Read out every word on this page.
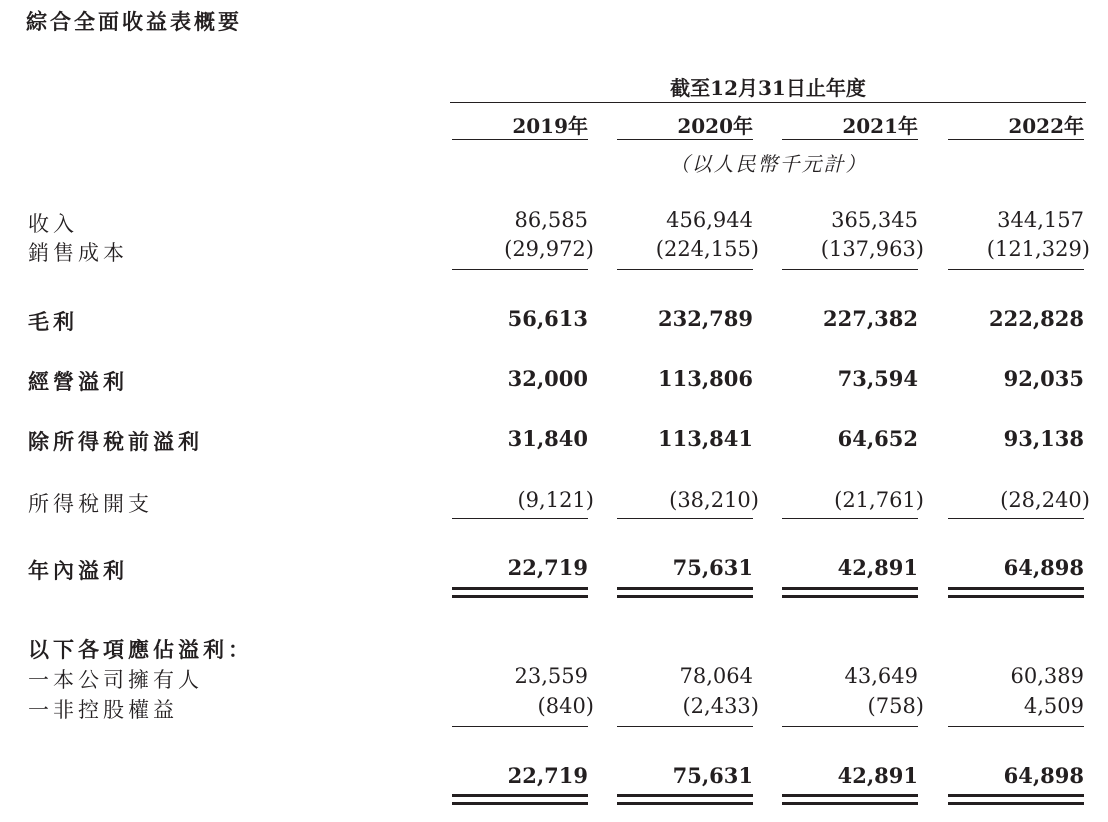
綜合全面收益表概要
截至12月31日止年度
2019年	2020年	2021年	2022年
（以人民幣千元計）
收入	86,585	456,944	365,345	344,157
銷售成本	(29,972)	(224,155)	(137,963)	(121,329)
毛利	56,613	232,789	227,382	222,828
經營溢利	32,000	113,806	73,594	92,035
除所得稅前溢利	31,840	113,841	64,652	93,138
所得稅開支	(9,121)	(38,210)	(21,761)	(28,240)
年內溢利	22,719	75,631	42,891	64,898
以下各項應佔溢利：
一本公司擁有人	23,559	78,064	43,649	60,389
一非控股權益	(840)	(2,433)	(758)	4,509
22,719	75,631	42,891	64,898
